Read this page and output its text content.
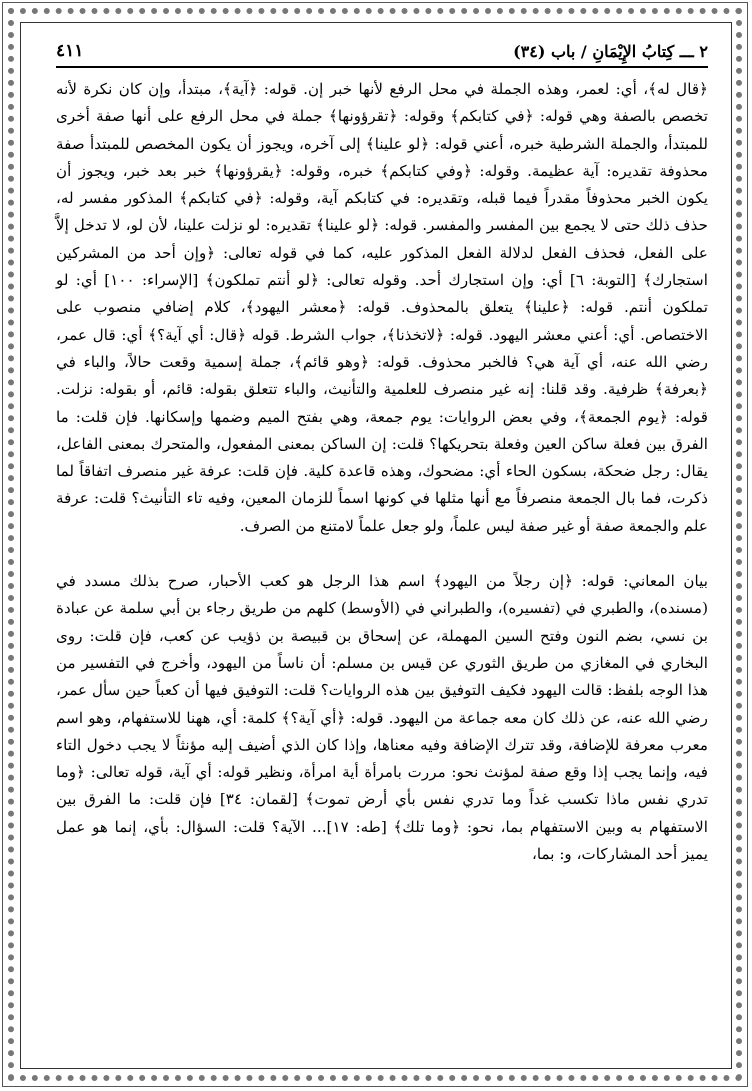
٢ ـــ كِتابُ الإِيْمَانِ / باب (٣٤)
٤١١

﴿قال له﴾، أي: لعمر، وهذه الجملة في محل الرفع لأنها خبر إن. قوله: ﴿آية﴾، مبتدأ، وإن كان نكرة لأنه تخصص بالصفة وهي قوله: ﴿في كتابكم﴾ وقوله: ﴿تقرؤونها﴾ جملة في محل الرفع على أنها صفة أخرى للمبتدأ، والجملة الشرطية خبره، أعني قوله: ﴿لو علينا﴾ إلى آخره، ويجوز أن يكون المخصص للمبتدأ صفة محذوفة تقديره: آية عظيمة. وقوله: ﴿وفي كتابكم﴾ خبره، وقوله: ﴿يقرؤونها﴾ خبر بعد خبر، ويجوز أن يكون الخبر محذوفاً مقدراً فيما قبله، وتقديره: في كتابكم آية، وقوله: ﴿في كتابكم﴾ المذكور مفسر له، حذف ذلك حتى لا يجمع بين المفسر والمفسر. قوله: ﴿لو علينا﴾ تقديره: لو نزلت علينا، لأن لو، لا تدخل إلاَّ على الفعل، فحذف الفعل لدلالة الفعل المذكور عليه، كما في قوله تعالى: ﴿وإن أحد من المشركين استجارك﴾ [التوبة: ٦] أي: وإن استجارك أحد. وقوله تعالى: ﴿لو أنتم تملكون﴾ [الإسراء: ١٠٠] أي: لو تملكون أنتم. قوله: ﴿علينا﴾ يتعلق بالمحذوف. قوله: ﴿معشر اليهود﴾، كلام إضافي منصوب على الاختصاص. أي: أعني معشر اليهود. قوله: ﴿لاتخذنا﴾، جواب الشرط. قوله ﴿قال: أي آية؟﴾ أي: قال عمر، رضي الله عنه، أي آية هي؟ فالخبر محذوف. قوله: ﴿وهو قائم﴾، جملة إسمية وقعت حالاً، والباء في ﴿بعرفة﴾ ظرفية. وقد قلنا: إنه غير منصرف للعلمية والتأنيث، والباء تتعلق بقوله: قائم، أو بقوله: نزلت. قوله: ﴿يوم الجمعة﴾، وفي بعض الروايات: يوم جمعة، وهي بفتح الميم وضمها وإسكانها. فإن قلت: ما الفرق بين فعلة ساكن العين وفعلة بتحريكها؟ قلت: إن الساكن بمعنى المفعول، والمتحرك بمعنى الفاعل، يقال: رجل ضحكة، بسكون الحاء أي: مضحوك، وهذه قاعدة كلية. فإن قلت: عرفة غير منصرف اتفاقاً لما ذكرت، فما بال الجمعة منصرفاً مع أنها مثلها في كونها اسماً للزمان المعين، وفيه تاء التأنيث؟ قلت: عرفة علم والجمعة صفة أو غير صفة ليس علماً، ولو جعل علماً لامتنع من الصرف.

بيان المعاني: قوله: ﴿إن رجلاً من اليهود﴾ اسم هذا الرجل هو كعب الأحبار، صرح بذلك مسدد في (مسنده)، والطبري في (تفسيره)، والطبراني في (الأوسط) كلهم من طريق رجاء بن أبي سلمة عن عبادة بن نسي، بضم النون وفتح السين المهملة، عن إسحاق بن قبيصة بن ذؤيب عن كعب، فإن قلت: روى البخاري في المغازي من طريق الثوري عن قيس بن مسلم: أن ناساً من اليهود، وأخرج في التفسير من هذا الوجه بلفظ: قالت اليهود فكيف التوفيق بين هذه الروايات؟ قلت: التوفيق فيها أن كعباً حين سأل عمر، رضي الله عنه، عن ذلك كان معه جماعة من اليهود. قوله: ﴿أي آية؟﴾ كلمة: أي، ههنا للاستفهام، وهو اسم معرب معرفة للإضافة، وقد تترك الإضافة وفيه معناها، وإذا كان الذي أضيف إليه مؤنثاً لا يجب دخول التاء فيه، وإنما يجب إذا وقع صفة لمؤنث نحو: مررت بامرأة أية امرأة، ونظير قوله: أي آية، قوله تعالى: ﴿وما تدري نفس ماذا تكسب غداً وما تدري نفس بأي أرض تموت﴾ [لقمان: ٣٤] فإن قلت: ما الفرق بين الاستفهام به وبين الاستفهام بما، نحو: ﴿وما تلك﴾ [طه: ١٧]... الآية؟ قلت: السؤال: بأي، إنما هو عمل يميز أحد المشاركات، و: بما،
